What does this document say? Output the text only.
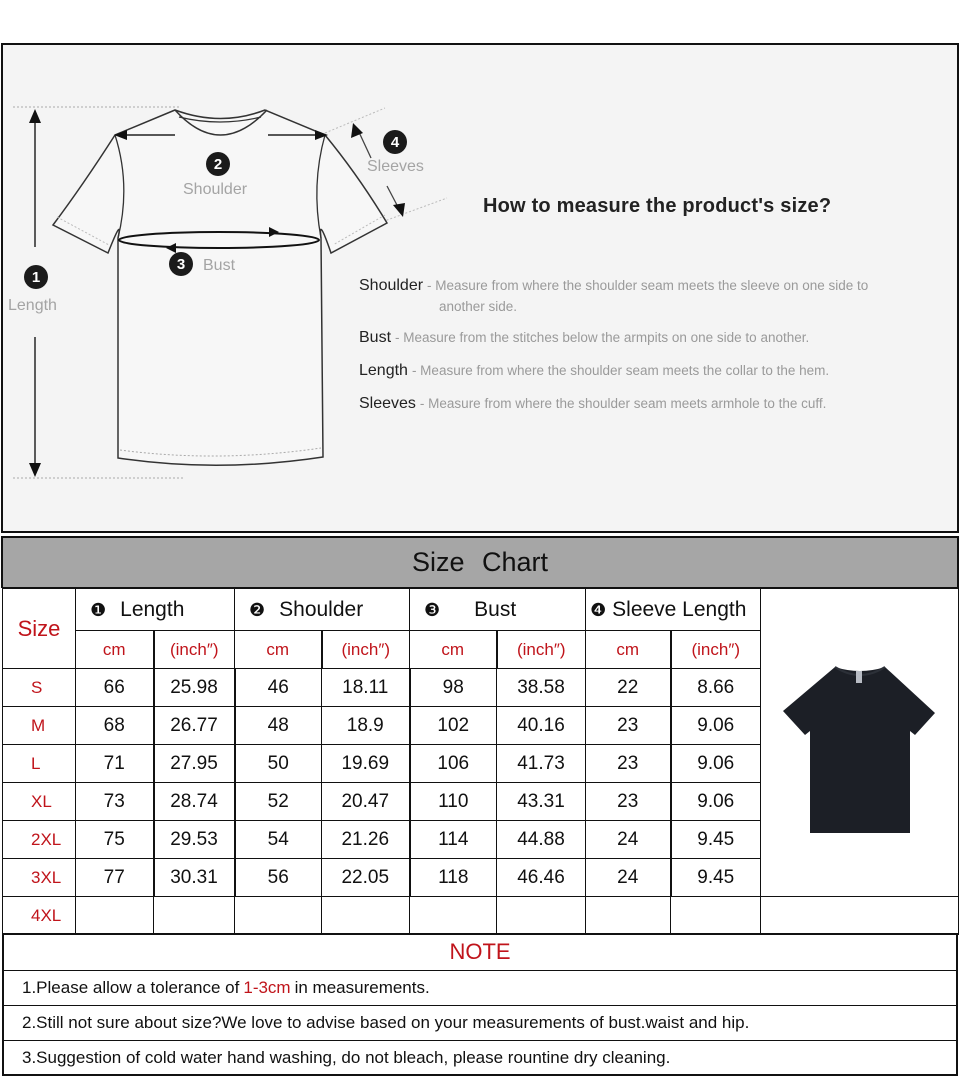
1
Length
2
Shoulder
3	Bust
4
Sleeves
How to measure the product's size?
Shoulder - Measure from where the shoulder seam meets the sleeve on one side to
another side.
Bust - Measure from the stitches below the armpits on one side to another.
Length - Measure from where the shoulder seam meets the collar to the hem.
Sleeves - Measure from where the shoulder seam meets armhole to the cuff.
Size Chart
Size	❶ Length		❷ Shoulder		❸ Bust		❹ Sleeve Length	

	cm	(inch″)	cm	(inch″)	cm	(inch″)	cm	(inch″)	
S	66	25.98	46	18.11	98	38.58	22	8.66	
M	68	26.77	48	18.9	102	40.16	23	9.06	
L	71	27.95	50	19.69	106	41.73	23	9.06	
XL	73	28.74	52	20.47	110	43.31	23	9.06	
2XL	75	29.53	54	21.26	114	44.88	24	9.45	
3XL	77	30.31	56	22.05	118	46.46	24	9.45	
4XL									
NOTE
1.Please allow a tolerance of 1-3cm in measurements.
2.Still not sure about size?We love to advise based on your measurements of bust.waist and hip.
3.Suggestion of cold water hand washing, do not bleach, please rountine dry cleaning.
